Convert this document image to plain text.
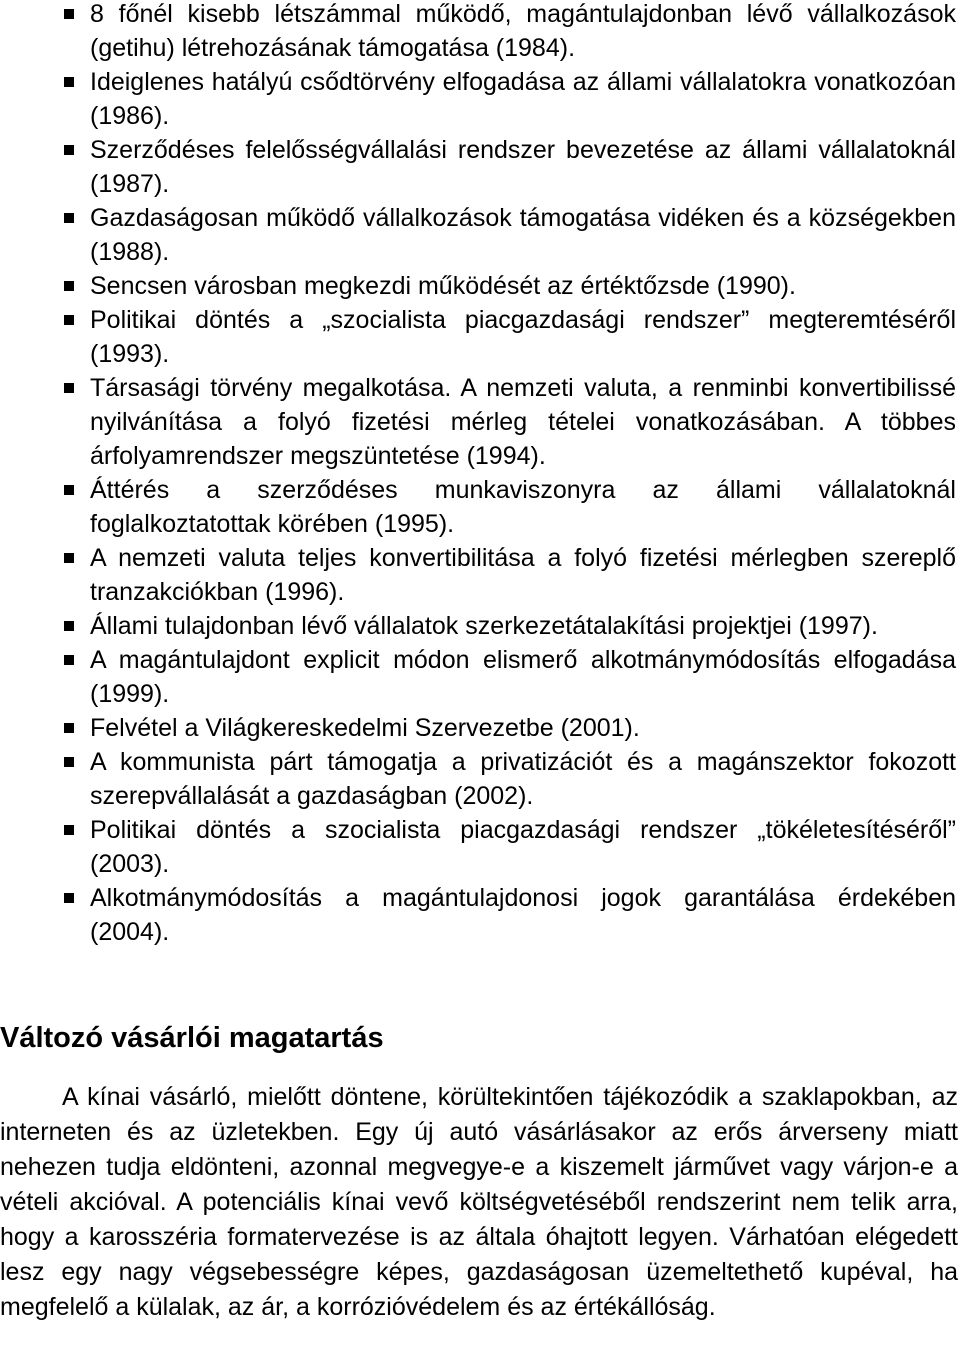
8 főnél kisebb létszámmal működő, magántulajdonban lévő vállalkozások (getihu) létrehozásának támogatása (1984).
Ideiglenes hatályú csődtörvény elfogadása az állami vállalatokra vonatkozóan (1986).
Szerződéses felelősségvállalási rendszer bevezetése az állami vállalatoknál (1987).
Gazdaságosan működő vállalkozások támogatása vidéken és a községekben (1988).
Sencsen városban megkezdi működését az értéktőzsde (1990).
Politikai döntés a „szocialista piacgazdasági rendszer” megteremtéséről (1993).
Társasági törvény megalkotása. A nemzeti valuta, a renminbi konvertibilissé nyilvánítása a folyó fizetési mérleg tételei vonatkozásában. A többes árfolyamrendszer megszüntetése (1994).
Áttérés a szerződéses munkaviszonyra az állami vállalatoknál foglalkoztatottak körében (1995).
A nemzeti valuta teljes konvertibilitása a folyó fizetési mérlegben szereplő tranzakciókban (1996).
Állami tulajdonban lévő vállalatok szerkezetátalakítási projektjei (1997).
A magántulajdont explicit módon elismerő alkotmánymódosítás elfogadása (1999).
Felvétel a Világkereskedelmi Szervezetbe (2001).
A kommunista párt támogatja a privatizációt és a magánszektor fokozott szerepvállalását a gazdaságban (2002).
Politikai döntés a szocialista piacgazdasági rendszer „tökéletesítéséről” (2003).
Alkotmánymódosítás a magántulajdonosi jogok garantálása érdekében (2004).
Változó vásárlói magatartás

A kínai vásárló, mielőtt döntene, körültekintően tájékozódik a szaklapokban, az interneten és az üzletekben. Egy új autó vásárlásakor az erős árverseny miatt nehezen tudja eldönteni, azonnal megvegye-e a kiszemelt járművet vagy várjon-e a vételi akcióval. A potenciális kínai vevő költségvetéséből rendszerint nem telik arra, hogy a karosszéria formatervezése is az általa óhajtott legyen. Várhatóan elégedett lesz egy nagy végsebességre képes, gazdaságosan üzemeltethető kupéval, ha megfelelő a külalak, az ár, a korrózióvédelem és az értékállóság.
